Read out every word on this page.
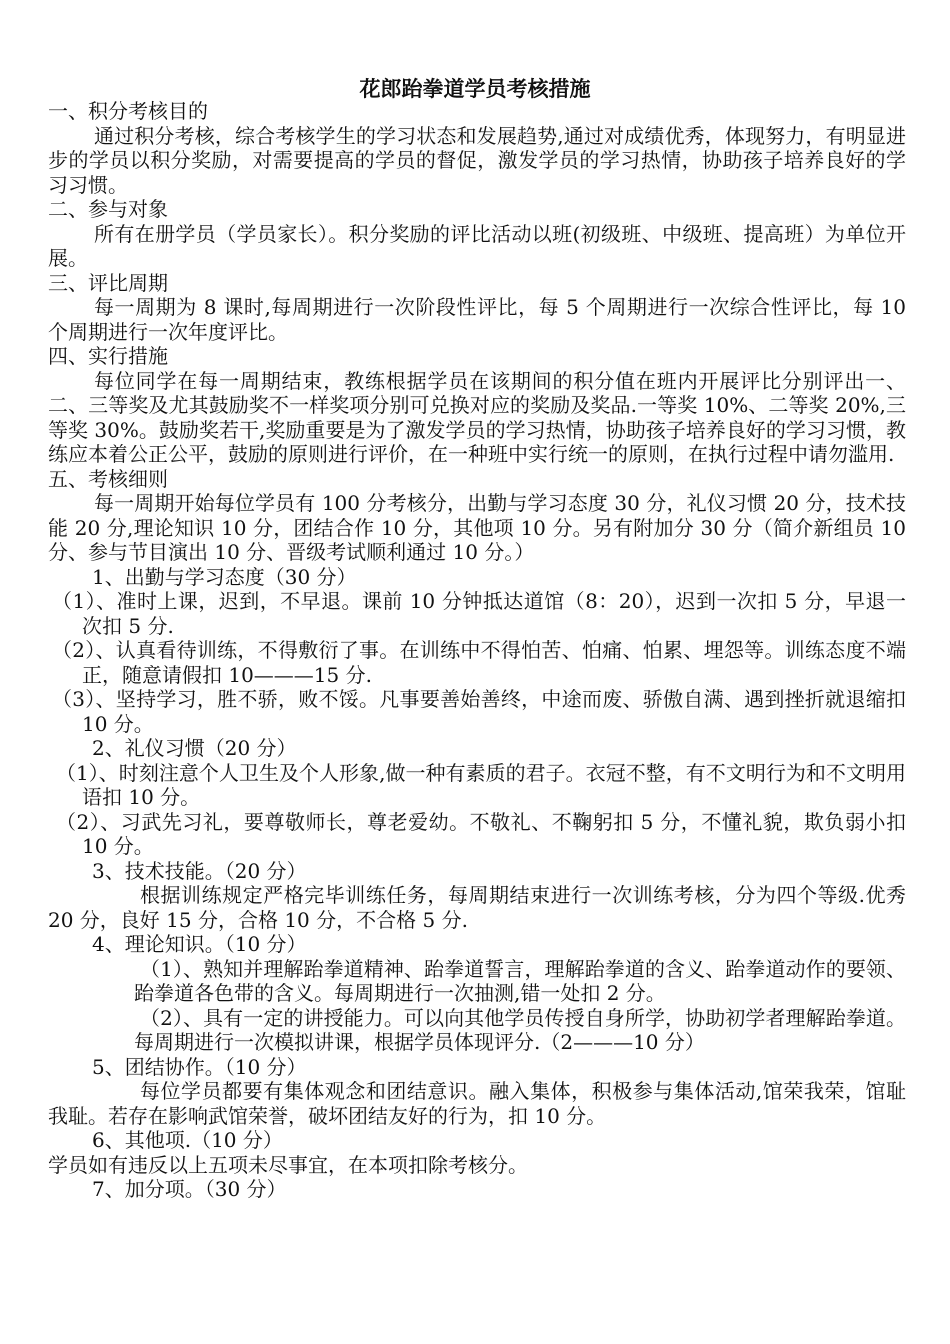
花郎跆拳道学员考核措施

一、积分考核目的

通过积分考核，综合考核学生的学习状态和发展趋势,通过对成绩优秀，体现努力，有明显进步的学员以积分奖励，对需要提高的学员的督促，激发学员的学习热情，协助孩子培养良好的学习习惯。

二、参与对象

所有在册学员（学员家长）。积分奖励的评比活动以班(初级班、中级班、提高班）为单位开展。

三、评比周期

每一周期为 8 课时,每周期进行一次阶段性评比，每 5 个周期进行一次综合性评比，每 10 个周期进行一次年度评比。

四、实行措施

每位同学在每一周期结束，教练根据学员在该期间的积分值在班内开展评比分别评出一、二、三等奖及尤其鼓励奖不一样奖项分别可兑换对应的奖励及奖品.一等奖 10%、二等奖 20%,三等奖 30%。鼓励奖若干,奖励重要是为了激发学员的学习热情，协助孩子培养良好的学习习惯，教练应本着公正公平，鼓励的原则进行评价，在一种班中实行统一的原则，在执行过程中请勿滥用.

五、考核细则

每一周期开始每位学员有 100 分考核分，出勤与学习态度 30 分，礼仪习惯 20 分，技术技能 20 分,理论知识 10 分，团结合作 10 分，其他项 10 分。另有附加分 30 分（简介新组员 10 分、参与节目演出 10 分、晋级考试顺利通过 10 分。）

1、出勤与学习态度（30 分）

（1）、准时上课，迟到，不早退。课前 10 分钟抵达道馆（8：20），迟到一次扣 5 分，早退一次扣 5 分.

（2）、认真看待训练，不得敷衍了事。在训练中不得怕苦、怕痛、怕累、埋怨等。训练态度不端正，随意请假扣 10———15 分.

（3）、坚持学习，胜不骄，败不馁。凡事要善始善终，中途而废、骄傲自满、遇到挫折就退缩扣 10 分。

2、礼仪习惯（20 分）

（1）、时刻注意个人卫生及个人形象,做一种有素质的君子。衣冠不整，有不文明行为和不文明用语扣 10 分。

（2）、习武先习礼，要尊敬师长，尊老爱幼。不敬礼、不鞠躬扣 5 分，不懂礼貌，欺负弱小扣 10 分。

3、技术技能。（20 分）

根据训练规定严格完毕训练任务，每周期结束进行一次训练考核，分为四个等级.优秀 20 分，良好 15 分，合格 10 分，不合格 5 分.

4、理论知识。（10 分）

（1）、熟知并理解跆拳道精神、跆拳道誓言，理解跆拳道的含义、跆拳道动作的要领、跆拳道各色带的含义。每周期进行一次抽测,错一处扣 2 分。

（2）、具有一定的讲授能力。可以向其他学员传授自身所学，协助初学者理解跆拳道。每周期进行一次模拟讲课，根据学员体现评分.（2———10 分）

5、团结协作。（10 分）

每位学员都要有集体观念和团结意识。融入集体，积极参与集体活动,馆荣我荣，馆耻我耻。若存在影响武馆荣誉，破坏团结友好的行为，扣 10 分。

6、其他项.（10 分）

学员如有违反以上五项未尽事宜，在本项扣除考核分。

7、加分项。（30 分）
